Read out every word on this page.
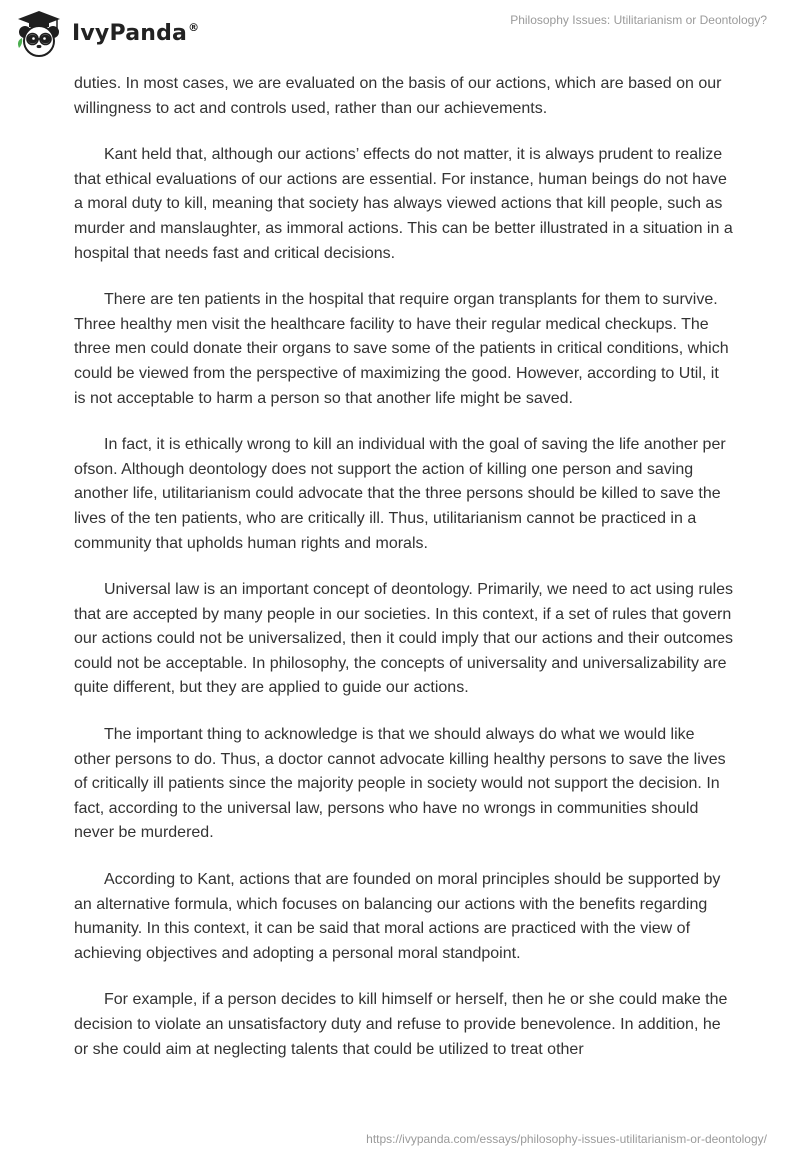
IvyPanda®
Philosophy Issues: Utilitarianism or Deontology?

duties. In most cases, we are evaluated on the basis of our actions, which are based on our willingness to act and controls used, rather than our achievements.

Kant held that, although our actions’ effects do not matter, it is always prudent to realize that ethical evaluations of our actions are essential. For instance, human beings do not have a moral duty to kill, meaning that society has always viewed actions that kill people, such as murder and manslaughter, as immoral actions. This can be better illustrated in a situation in a hospital that needs fast and critical decisions.

There are ten patients in the hospital that require organ transplants for them to survive. Three healthy men visit the healthcare facility to have their regular medical checkups. The three men could donate their organs to save some of the patients in critical conditions, which could be viewed from the perspective of maximizing the good. However, according to Util, it is not acceptable to harm a person so that another life might be saved.

In fact, it is ethically wrong to kill an individual with the goal of saving the life another per ofson. Although deontology does not support the action of killing one person and saving another life, utilitarianism could advocate that the three persons should be killed to save the lives of the ten patients, who are critically ill. Thus, utilitarianism cannot be practiced in a community that upholds human rights and morals.

Universal law is an important concept of deontology. Primarily, we need to act using rules that are accepted by many people in our societies. In this context, if a set of rules that govern our actions could not be universalized, then it could imply that our actions and their outcomes could not be acceptable. In philosophy, the concepts of universality and universalizability are quite different, but they are applied to guide our actions.

The important thing to acknowledge is that we should always do what we would like other persons to do. Thus, a doctor cannot advocate killing healthy persons to save the lives of critically ill patients since the majority people in society would not support the decision. In fact, according to the universal law, persons who have no wrongs in communities should never be murdered.

According to Kant, actions that are founded on moral principles should be supported by an alternative formula, which focuses on balancing our actions with the benefits regarding humanity. In this context, it can be said that moral actions are practiced with the view of achieving objectives and adopting a personal moral standpoint.

For example, if a person decides to kill himself or herself, then he or she could make the decision to violate an unsatisfactory duty and refuse to provide benevolence. In addition, he or she could aim at neglecting talents that could be utilized to treat other

https://ivypanda.com/essays/philosophy-issues-utilitarianism-or-deontology/
